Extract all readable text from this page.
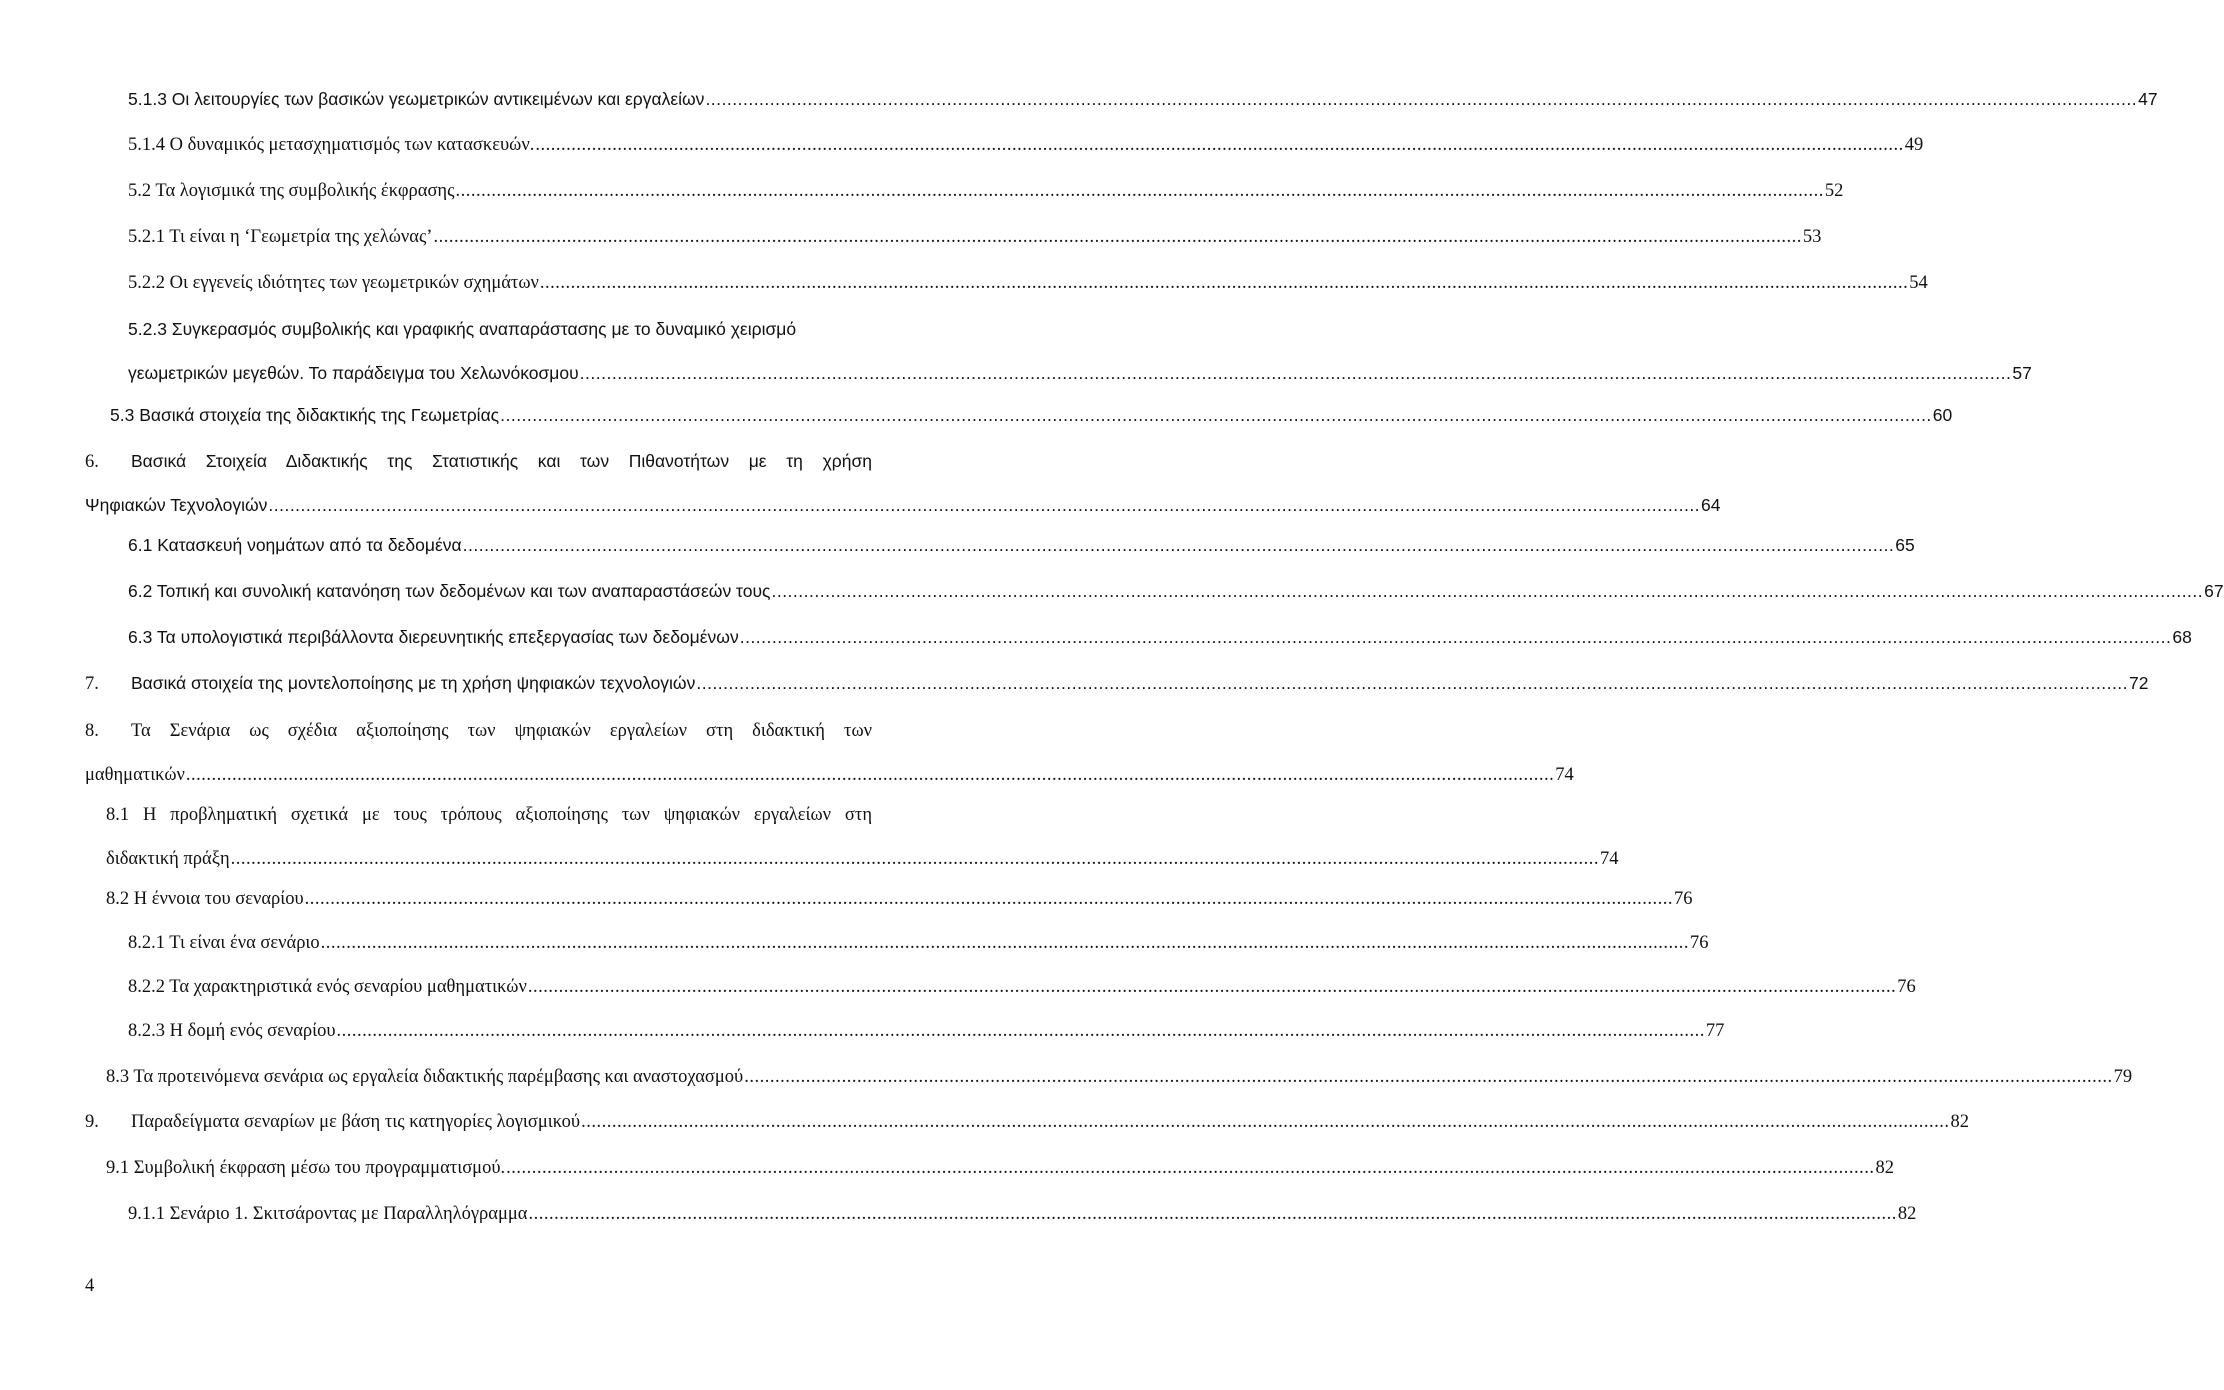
5.1.3 Οι λειτουργίες των βασικών γεωμετρικών αντικειμένων και εργαλείων .....	47
5.1.4 Ο δυναμικός μετασχηματισμός των κατασκευών. .....	49
5.2 Τα λογισμικά της συμβολικής έκφρασης .....	52
5.2.1 Τι είναι η ‘Γεωμετρία της χελώνας’ .....	53
5.2.2 Οι εγγενείς ιδιότητες των γεωμετρικών σχημάτων .....	54
5.2.3 Συγκερασμός συμβολικής και γραφικής αναπαράστασης με το δυναμικό χειρισμό
γεωμετρικών μεγεθών. Το παράδειγμα του Χελωνόκοσμου .....	57
5.3 Βασικά στοιχεία της διδακτικής της Γεωμετρίας .....	60
6.	Βασικά Στοιχεία Διδακτικής της Στατιστικής και των Πιθανοτήτων με τη χρήση
Ψηφιακών Τεχνολογιών .....	64
6.1 Κατασκευή νοημάτων από τα δεδομένα .....	65
6.2 Τοπική και συνολική κατανόηση των δεδομένων και των αναπαραστάσεών τους .....	67
6.3 Τα υπολογιστικά περιβάλλοντα διερευνητικής επεξεργασίας των δεδομένων .....	68
7.	Βασικά στοιχεία της μοντελοποίησης με τη χρήση ψηφιακών τεχνολογιών .....	72
8.	Τα Σενάρια ως σχέδια αξιοποίησης των ψηφιακών εργαλείων στη διδακτική των
μαθηματικών .....	74
8.1 Η προβληματική σχετικά με τους τρόπους αξιοποίησης των ψηφιακών εργαλείων στη
διδακτική πράξη .....	74
8.2 Η έννοια του σεναρίου .....	76
8.2.1 Τι είναι ένα σενάριο .....	76
8.2.2 Τα χαρακτηριστικά ενός σεναρίου μαθηματικών .....	76
8.2.3 Η δομή ενός σεναρίου .....	77
8.3 Τα προτεινόμενα σενάρια ως εργαλεία διδακτικής παρέμβασης και αναστοχασμού .....	79
9.	Παραδείγματα σεναρίων με βάση τις κατηγορίες λογισμικού .....	82
9.1 Συμβολική έκφραση μέσω του προγραμματισμού. .....	82
9.1.1 Σενάριο 1. Σκιτσάροντας με Παραλληλόγραμμα .....	82
4
